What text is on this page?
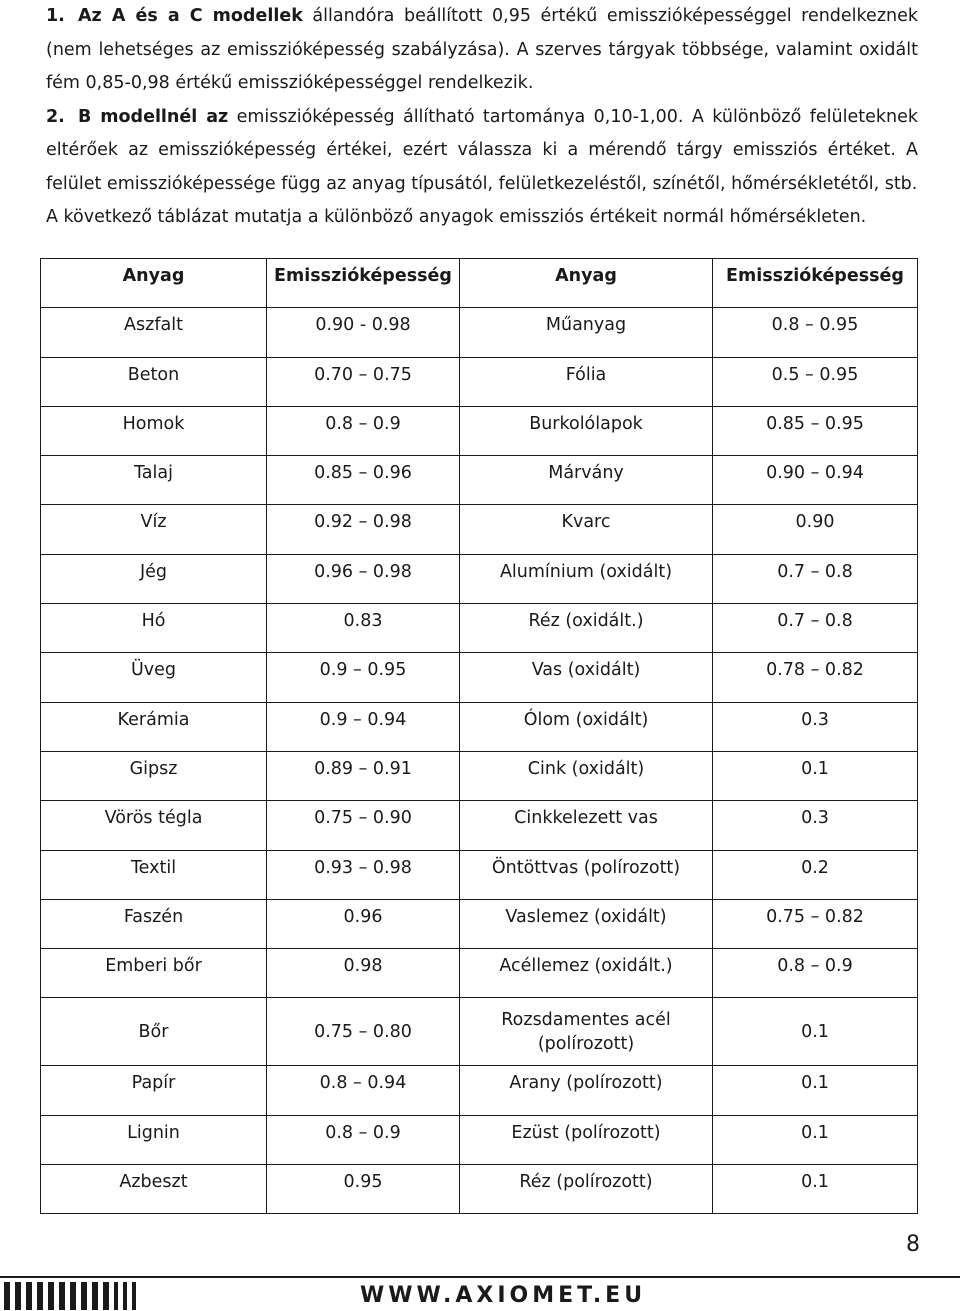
1. Az A és a C modellek állandóra beállított 0,95 értékű emisszióképességgel rendelkeznek (nem lehetséges az emisszióképesség szabályzása). A szerves tárgyak többsége, valamint oxidált fém 0,85-0,98 értékű emisszióképességgel rendelkezik.

2. B modellnél az emisszióképesség állítható tartománya 0,10-1,00. A különböző felületeknek eltérőek az emisszióképesség értékei, ezért válassza ki a mérendő tárgy emissziós értéket. A felület emisszióképessége függ az anyag típusától, felületkezeléstől, színétől, hőmérsékletétől, stb.

A következő táblázat mutatja a különböző anyagok emissziós értékeit normál hőmérsékleten.

Anyag	Emisszióképesség	Anyag	Emisszióképesség
Aszfalt	0.90 - 0.98	Műanyag	0.8 – 0.95
Beton	0.70 – 0.75	Fólia	0.5 – 0.95
Homok	0.8 – 0.9	Burkolólapok	0.85 – 0.95
Talaj	0.85 – 0.96	Márvány	0.90 – 0.94
Víz	0.92 – 0.98	Kvarc	0.90
Jég	0.96 – 0.98	Alumínium (oxidált)	0.7 – 0.8
Hó	0.83	Réz (oxidált.)	0.7 – 0.8
Üveg	0.9 – 0.95	Vas (oxidált)	0.78 – 0.82
Kerámia	0.9 – 0.94	Ólom (oxidált)	0.3
Gipsz	0.89 – 0.91	Cink (oxidált)	0.1
Vörös tégla	0.75 – 0.90	Cinkkelezett vas	0.3
Textil	0.93 – 0.98	Öntöttvas (polírozott)	0.2
Faszén	0.96	Vaslemez (oxidált)	0.75 – 0.82
Emberi bőr	0.98	Acéllemez (oxidált.)	0.8 – 0.9
Bőr	0.75 – 0.80	Rozsdamentes acél (polírozott)	0.1
Papír	0.8 – 0.94	Arany (polírozott)	0.1
Lignin	0.8 – 0.9	Ezüst (polírozott)	0.1
Azbeszt	0.95	Réz (polírozott)	0.1
8
WWW.AXIOMET.EU
